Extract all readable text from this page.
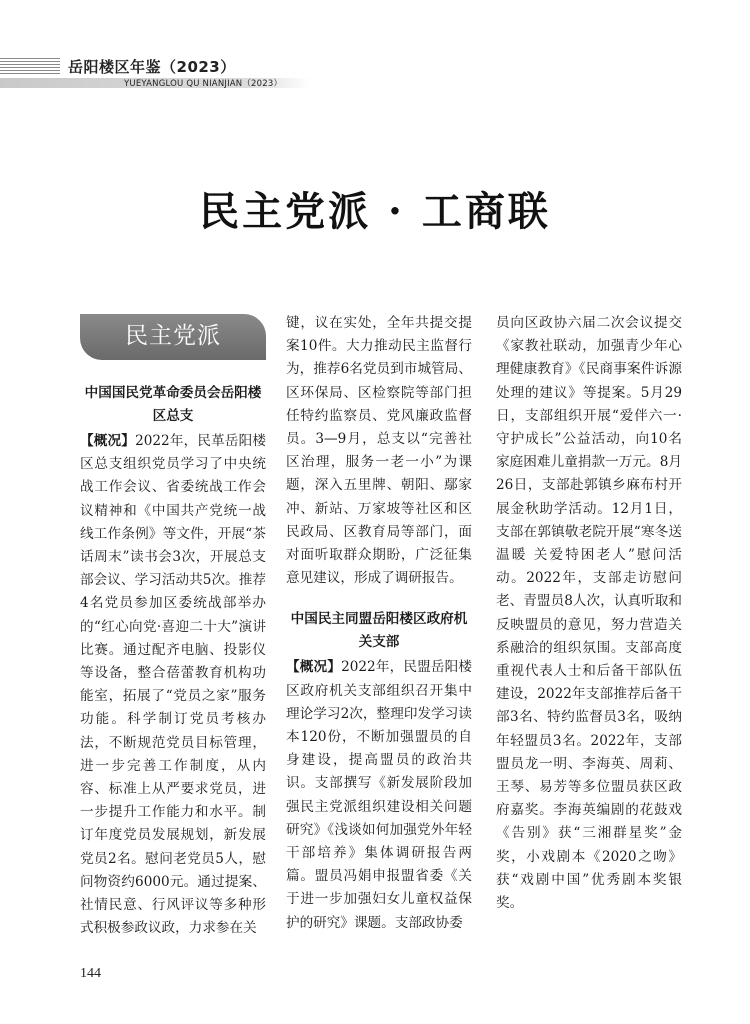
岳阳楼区年鉴（2023）
YUEYANGLOU QU NIANJIAN（2023）
民主党派 · 工商联
民主党派
中国国民党革命委员会岳阳楼区总支

【概况】2022年，民革岳阳楼区总支组织党员学习了中央统战工作会议、省委统战工作会议精神和《中国共产党统一战线工作条例》等文件，开展“茶话周末”读书会3次，开展总支部会议、学习活动共5次。推荐4名党员参加区委统战部举办的“红心向党·喜迎二十大”演讲比赛。通过配齐电脑、投影仪等设备，整合蓓蕾教育机构功能室，拓展了“党员之家”服务功能。科学制订党员考核办法，不断规范党员目标管理，进一步完善工作制度，从内容、标准上从严要求党员，进一步提升工作能力和水平。制订年度党员发展规划，新发展党员2名。慰问老党员5人，慰问物资约6000元。通过提案、社情民意、行风评议等多种形式积极参政议政，力求参在关

键，议在实处，全年共提交提案10件。大力推动民主监督行为，推荐6名党员到市城管局、区环保局、区检察院等部门担任特约监察员、党风廉政监督员。3—9月，总支以“完善社区治理，服务一老一小”为课题，深入五里牌、朝阳、鄢家冲、新站、万家坡等社区和区民政局、区教育局等部门，面对面听取群众期盼，广泛征集意见建议，形成了调研报告。

中国民主同盟岳阳楼区政府机关支部

【概况】2022年，民盟岳阳楼区政府机关支部组织召开集中理论学习2次，整理印发学习读本120份，不断加强盟员的自身建设，提高盟员的政治共识。支部撰写《新发展阶段加强民主党派组织建设相关问题研究》《浅谈如何加强党外年轻干部培养》集体调研报告两篇。盟员冯娟申报盟省委《关于进一步加强妇女儿童权益保护的研究》课题。支部政协委

员向区政协六届二次会议提交《家教社联动，加强青少年心理健康教育》《民商事案件诉源处理的建议》等提案。5月29日，支部组织开展“爱伴六一·守护成长”公益活动，向10名家庭困难儿童捐款一万元。8月26日，支部赴郭镇乡麻布村开展金秋助学活动。12月1日，支部在郭镇敬老院开展“寒冬送温暖 关爱特困老人”慰问活动。2022年，支部走访慰问老、青盟员8人次，认真听取和反映盟员的意见，努力营造关系融洽的组织氛围。支部高度重视代表人士和后备干部队伍建设，2022年支部推荐后备干部3名、特约监督员3名，吸纳年轻盟员3名。2022年，支部盟员龙一明、李海英、周莉、王琴、易芳等多位盟员获区政府嘉奖。李海英编剧的花鼓戏《告别》获“三湘群星奖”金奖，小戏剧本《2020之吻》获“戏剧中国”优秀剧本奖银奖。

144
